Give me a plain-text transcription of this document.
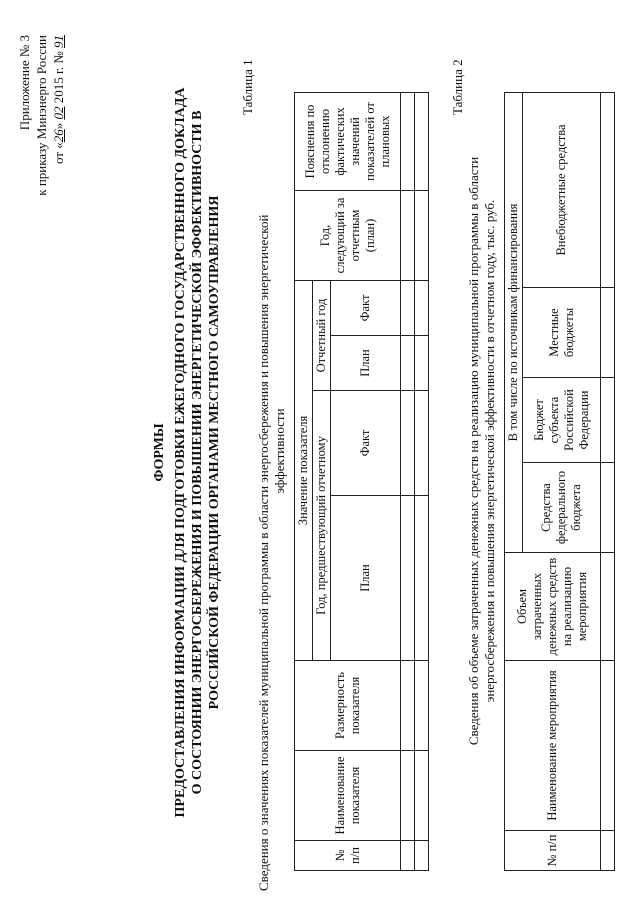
Приложение № 3 к приказу Минэнерго России от «26» 02 2015 г. № 91
ФОРМЫ ПРЕДОСТАВЛЕНИЯ ИНФОРМАЦИИ ДЛЯ ПОДГОТОВКИ ЕЖЕГОДНОГО ГОСУДАРСТВЕННОГО ДОКЛАДА О СОСТОЯНИИ ЭНЕРГОСБЕРЕЖЕНИЯ И ПОВЫШЕНИИ ЭНЕРГЕТИЧЕСКОЙ ЭФФЕКТИВНОСТИ В РОССИЙСКОЙ ФЕДЕРАЦИИ ОРГАНАМИ МЕСТНОГО САМОУПРАВЛЕНИЯ
Таблица 1
Сведения о значениях показателей муниципальной программы в области энергосбережения и повышения энергетической эффективности
№ п/п	Наименование показателя	Размерность показателя	Значение показателя				Год, следующий за отчетным (план)	Пояснения по отклонению фактических значений показателей от плановых
			Год, предшествующий отчетному		Отчетный год			
			План	Факт	План	Факт		

Таблица 2
Сведения об объеме затраченных денежных средств на реализацию муниципальной программы в области энергосбережения и повышения энергетической эффективности в отчетном году, тыс. руб.
№ п/п	Наименование мероприятия	Объем затраченных денежных средств на реализацию мероприятия	В том числе по источникам финансирования			
			Средства федерального бюджета	Бюджет субъекта Российской Федерации	Местные бюджеты	Внебюджетные средства
